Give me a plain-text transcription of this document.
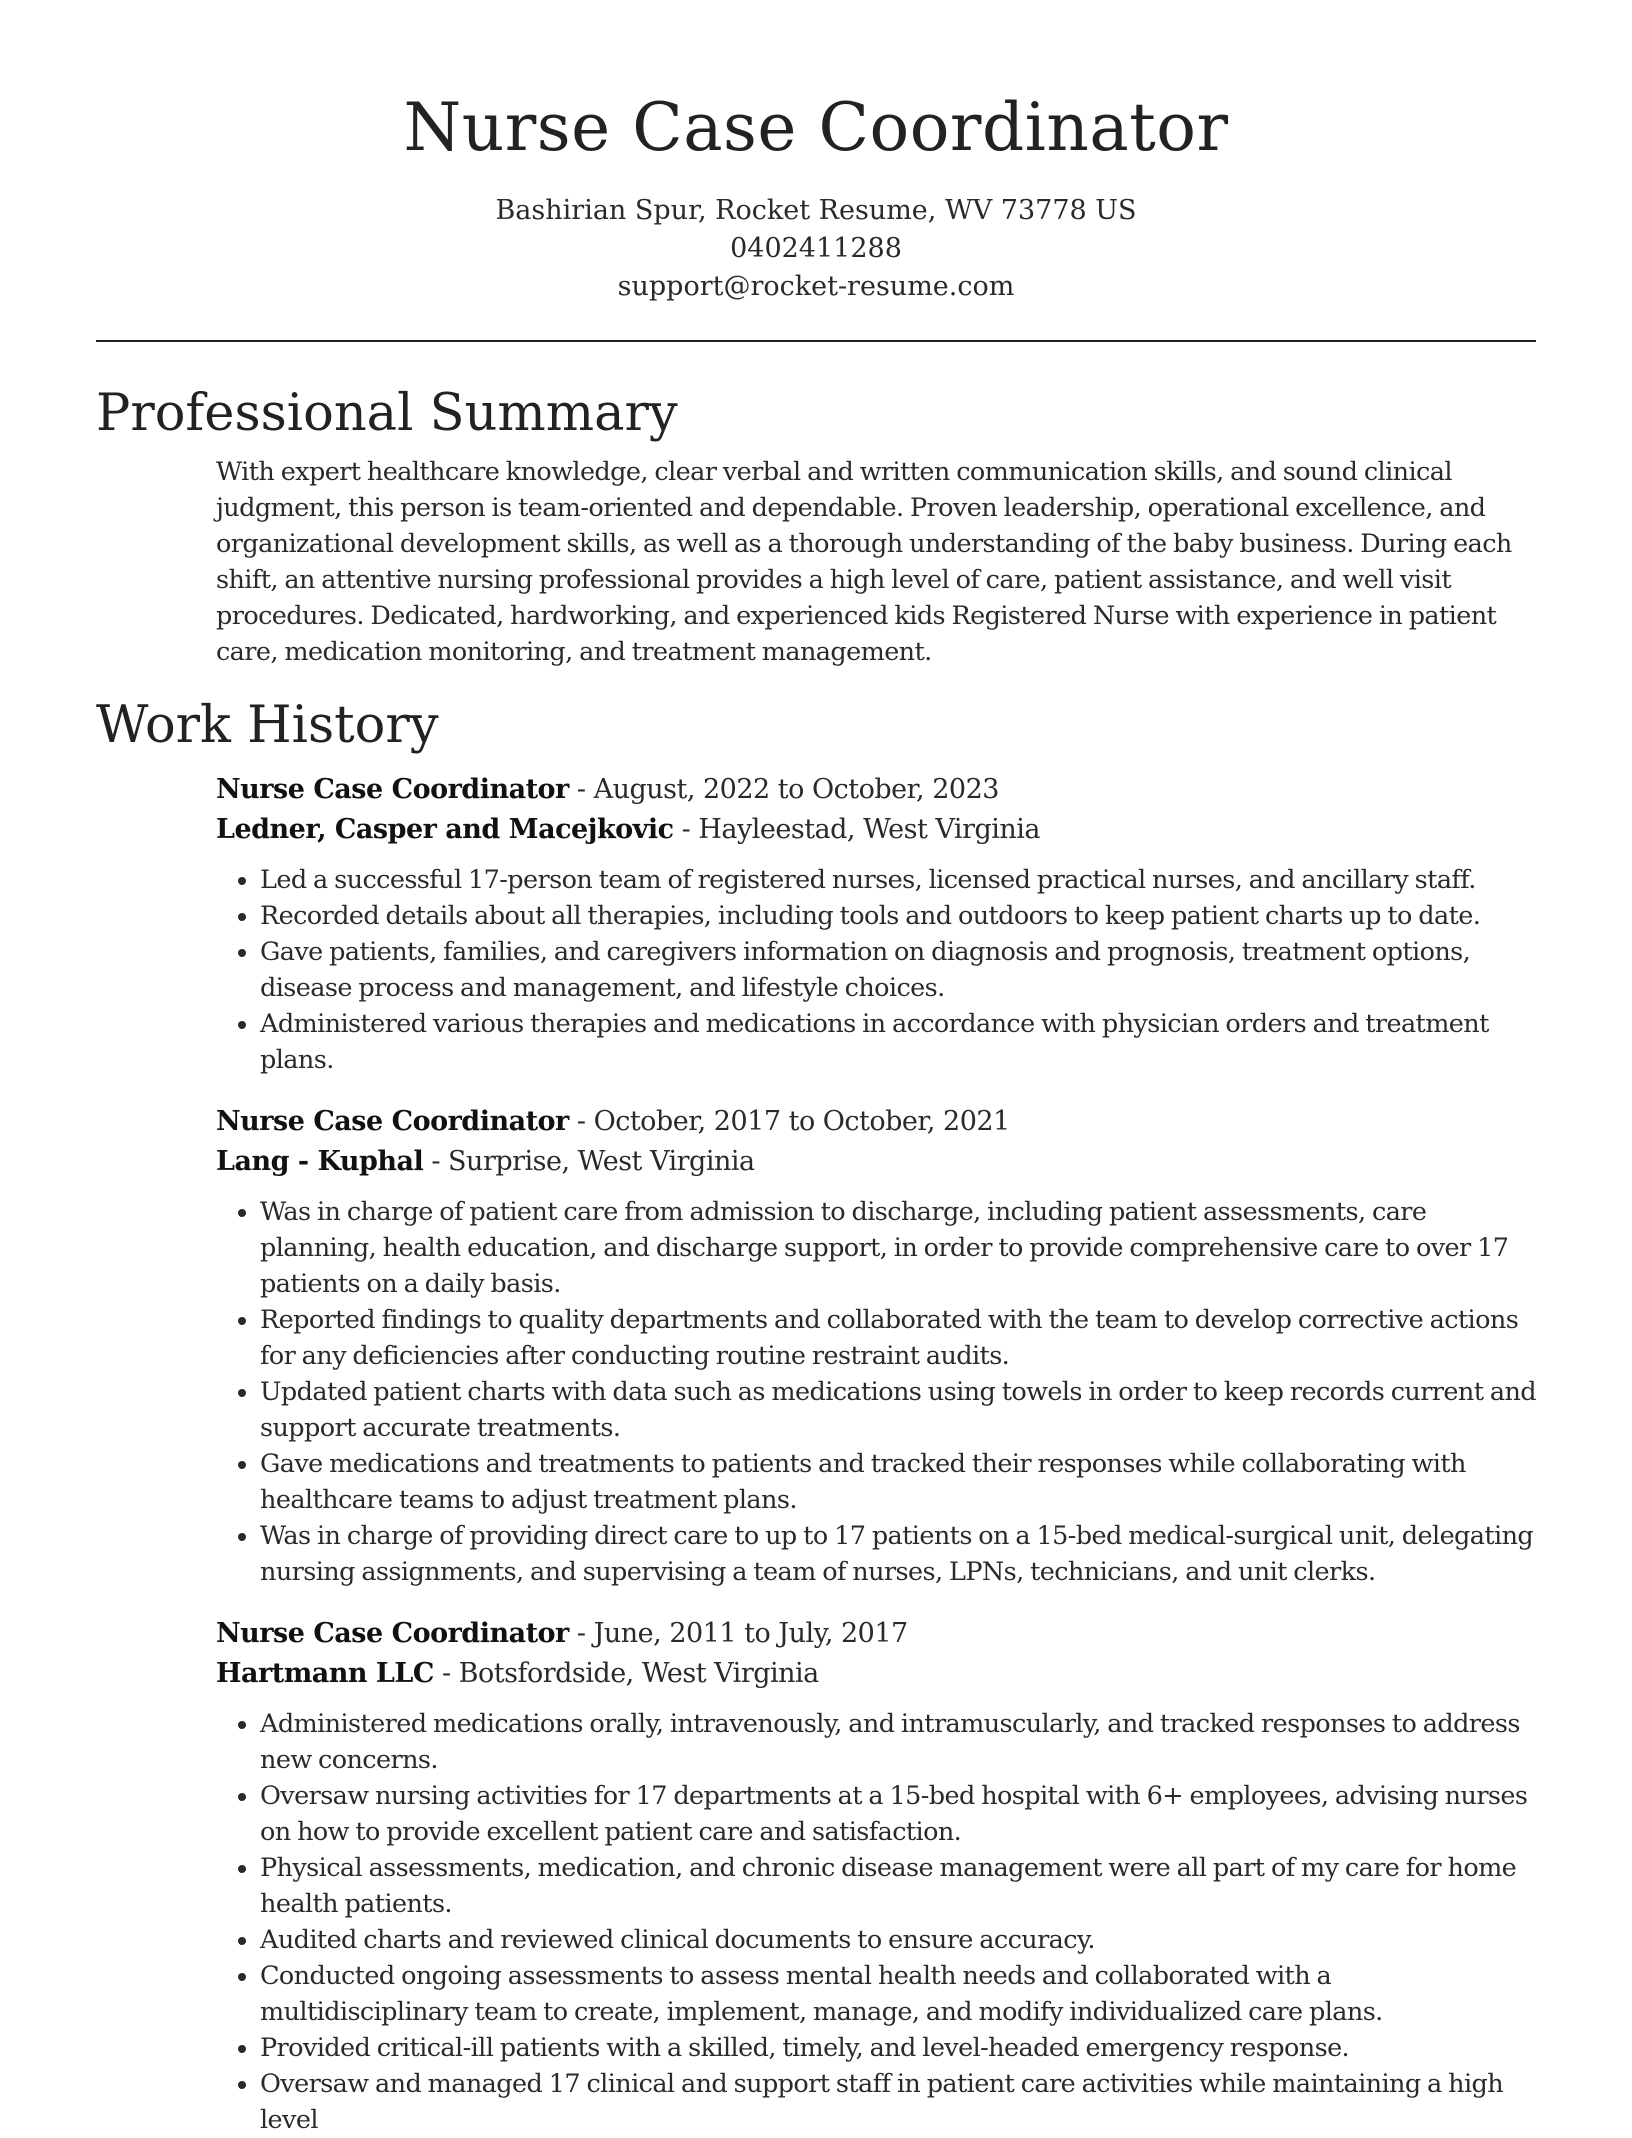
Nurse Case Coordinator
Bashirian Spur, Rocket Resume, WV 73778 US
0402411288
support@rocket-resume.com
Professional Summary

With expert healthcare knowledge, clear verbal and written communication skills, and sound clinical judgment, this person is team-oriented and dependable. Proven leadership, operational excellence, and organizational development skills, as well as a thorough understanding of the baby business. During each shift, an attentive nursing professional provides a high level of care, patient assistance, and well visit procedures. Dedicated, hardworking, and experienced kids Registered Nurse with experience in patient care, medication monitoring, and treatment management.

Work History
Nurse Case Coordinator - August, 2022 to October, 2023
Ledner, Casper and Macejkovic - Hayleestad, West Virginia
• Led a successful 17-person team of registered nurses, licensed practical nurses, and ancillary staff.
• Recorded details about all therapies, including tools and outdoors to keep patient charts up to date.
• Gave patients, families, and caregivers information on diagnosis and prognosis, treatment options, disease process and management, and lifestyle choices.
• Administered various therapies and medications in accordance with physician orders and treatment plans.
Nurse Case Coordinator - October, 2017 to October, 2021
Lang - Kuphal - Surprise, West Virginia
• Was in charge of patient care from admission to discharge, including patient assessments, care planning, health education, and discharge support, in order to provide comprehensive care to over 17 patients on a daily basis.
• Reported findings to quality departments and collaborated with the team to develop corrective actions for any deficiencies after conducting routine restraint audits.
• Updated patient charts with data such as medications using towels in order to keep records current and support accurate treatments.
• Gave medications and treatments to patients and tracked their responses while collaborating with healthcare teams to adjust treatment plans.
• Was in charge of providing direct care to up to 17 patients on a 15-bed medical-surgical unit, delegating nursing assignments, and supervising a team of nurses, LPNs, technicians, and unit clerks.
Nurse Case Coordinator - June, 2011 to July, 2017
Hartmann LLC - Botsfordside, West Virginia
• Administered medications orally, intravenously, and intramuscularly, and tracked responses to address new concerns.
• Oversaw nursing activities for 17 departments at a 15-bed hospital with 6+ employees, advising nurses on how to provide excellent patient care and satisfaction.
• Physical assessments, medication, and chronic disease management were all part of my care for home health patients.
• Audited charts and reviewed clinical documents to ensure accuracy.
• Conducted ongoing assessments to assess mental health needs and collaborated with a multidisciplinary team to create, implement, manage, and modify individualized care plans.
• Provided critical-ill patients with a skilled, timely, and level-headed emergency response.
• Oversaw and managed 17 clinical and support staff in patient care activities while maintaining a high level
